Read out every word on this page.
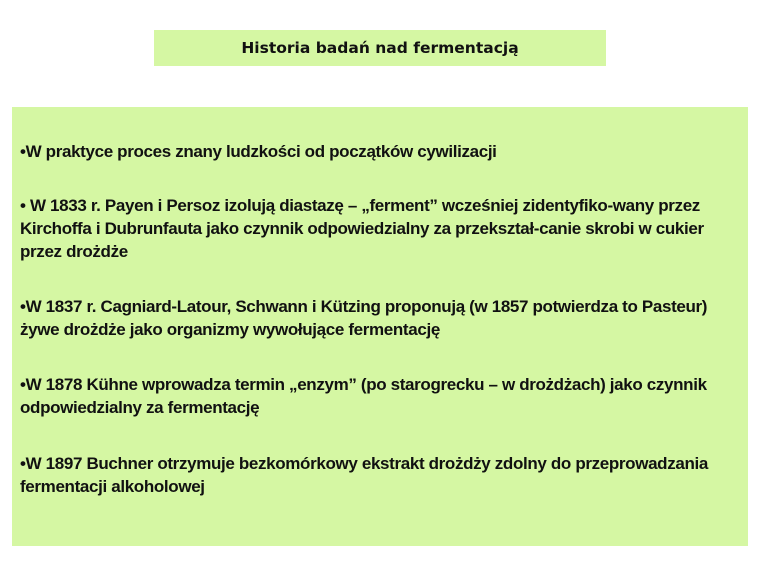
Historia badań nad fermentacją
•W praktyce proces znany ludzkości od początków cywilizacji
• W 1833 r. Payen i Persoz izolują diastazę – „ferment” wcześniej zidentyfiko-wany przez Kirchoffa i Dubrunfauta jako czynnik odpowiedzialny za przekształ-canie skrobi w cukier przez drożdże
•W 1837 r. Cagniard-Latour, Schwann i Kützing proponują (w 1857 potwierdza to Pasteur) żywe drożdże jako organizmy wywołujące fermentację
•W 1878 Kühne wprowadza termin „enzym” (po starogrecku – w drożdżach) jako czynnik odpowiedzialny za fermentację
•W 1897 Buchner otrzymuje bezkomórkowy ekstrakt drożdży zdolny do przeprowadzania fermentacji alkoholowej
